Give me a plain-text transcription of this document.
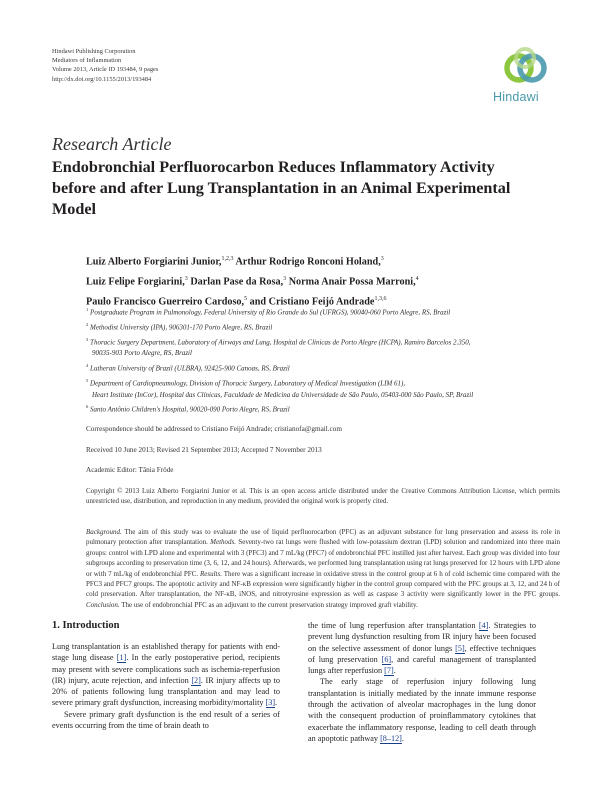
Hindawi Publishing Corporation
Mediators of Inflammation
Volume 2013, Article ID 193484, 9 pages
http://dx.doi.org/10.1155/2013/193484
Hindawi
Research Article
Endobronchial Perfluorocarbon Reduces Inflammatory Activity before and after Lung Transplantation in an Animal Experimental Model
Luiz Alberto Forgiarini Junior,$^{1,2,3}$ Arthur Rodrigo Ronconi Holand,$^3$
Luiz Felipe Forgiarini,$^3$ Darlan Pase da Rosa,$^3$ Norma Anair Possa Marroni,$^4$
Paulo Francisco Guerreiro Cardoso,$^5$ and Cristiano Feijó Andrade$^{1,3,6}$
$^1$ Postgraduate Program in Pulmonology, Federal University of Rio Grande do Sul (UFRGS), 90040-060 Porto Alegre, RS, Brazil
$^2$ Methodist University (IPA), 906301-170 Porto Alegre, RS, Brazil
$^3$ Thoracic Surgery Department, Laboratory of Airways and Lung, Hospital de Clínicas de Porto Alegre (HCPA), Ramiro Barcelos 2.350,
90035-903 Porto Alegre, RS, Brazil
$^4$ Lutheran University of Brazil (ULBRA), 92425-900 Canoas, RS, Brazil
$^5$ Department of Cardiopneumology, Division of Thoracic Surgery, Laboratory of Medical Investigation (LIM 61),
Heart Institute (InCor), Hospital das Clínicas, Faculdade de Medicina da Universidade de São Paulo, 05403-000 São Paulo, SP, Brazil
$^6$ Santo Antônio Children's Hospital, 90020-090 Porto Alegre, RS, Brazil
Correspondence should be addressed to Cristiano Feijó Andrade; cristianofa@gmail.com
Received 10 June 2013; Revised 21 September 2013; Accepted 7 November 2013
Academic Editor: Tânia Fröde
Copyright © 2013 Luiz Alberto Forgiarini Junior et al. This is an open access article distributed under the Creative Commons Attribution License, which permits unrestricted use, distribution, and reproduction in any medium, provided the original work is properly cited.
Background. The aim of this study was to evaluate the use of liquid perfluorocarbon (PFC) as an adjuvant substance for lung preservation and assess its role in pulmonary protection after transplantation. Methods. Seventy-two rat lungs were flushed with low-potassium dextran (LPD) solution and randomized into three main groups: control with LPD alone and experimental with 3 (PFC3) and 7 mL/kg (PFC7) of endobronchial PFC instilled just after harvest. Each group was divided into four subgroups according to preservation time (3, 6, 12, and 24 hours). Afterwards, we performed lung transplantation using rat lungs preserved for 12 hours with LPD alone or with 7 mL/kg of endobronchial PFC. Results. There was a significant increase in oxidative stress in the control group at 6 h of cold ischemic time compared with the PFC3 and PFC7 groups. The apoptotic activity and NF-κB expression were significantly higher in the control group compared with the PFC groups at 3, 12, and 24 h of cold preservation. After transplantation, the NF-κB, iNOS, and nitrotyrosine expression as well as caspase 3 activity were significantly lower in the PFC groups. Conclusion. The use of endobronchial PFC as an adjuvant to the current preservation strategy improved graft viability.
1. Introduction

Lung transplantation is an established therapy for patients with end-stage lung disease [1]. In the early postoperative period, recipients may present with severe complications such as ischemia-reperfusion (IR) injury, acute rejection, and infection [2]. IR injury affects up to 20% of patients following lung transplantation and may lead to severe primary graft dysfunction, increasing morbidity/mortality [3].

Severe primary graft dysfunction is the end result of a series of events occurring from the time of brain death to

the time of lung reperfusion after transplantation [4]. Strategies to prevent lung dysfunction resulting from IR injury have been focused on the selective assessment of donor lungs [5], effective techniques of lung preservation [6], and careful management of transplanted lungs after reperfusion [7].

The early stage of reperfusion injury following lung transplantation is initially mediated by the innate immune response through the activation of alveolar macrophages in the lung donor with the consequent production of proinflammatory cytokines that exacerbate the inflammatory response, leading to cell death through an apoptotic pathway [8–12].
